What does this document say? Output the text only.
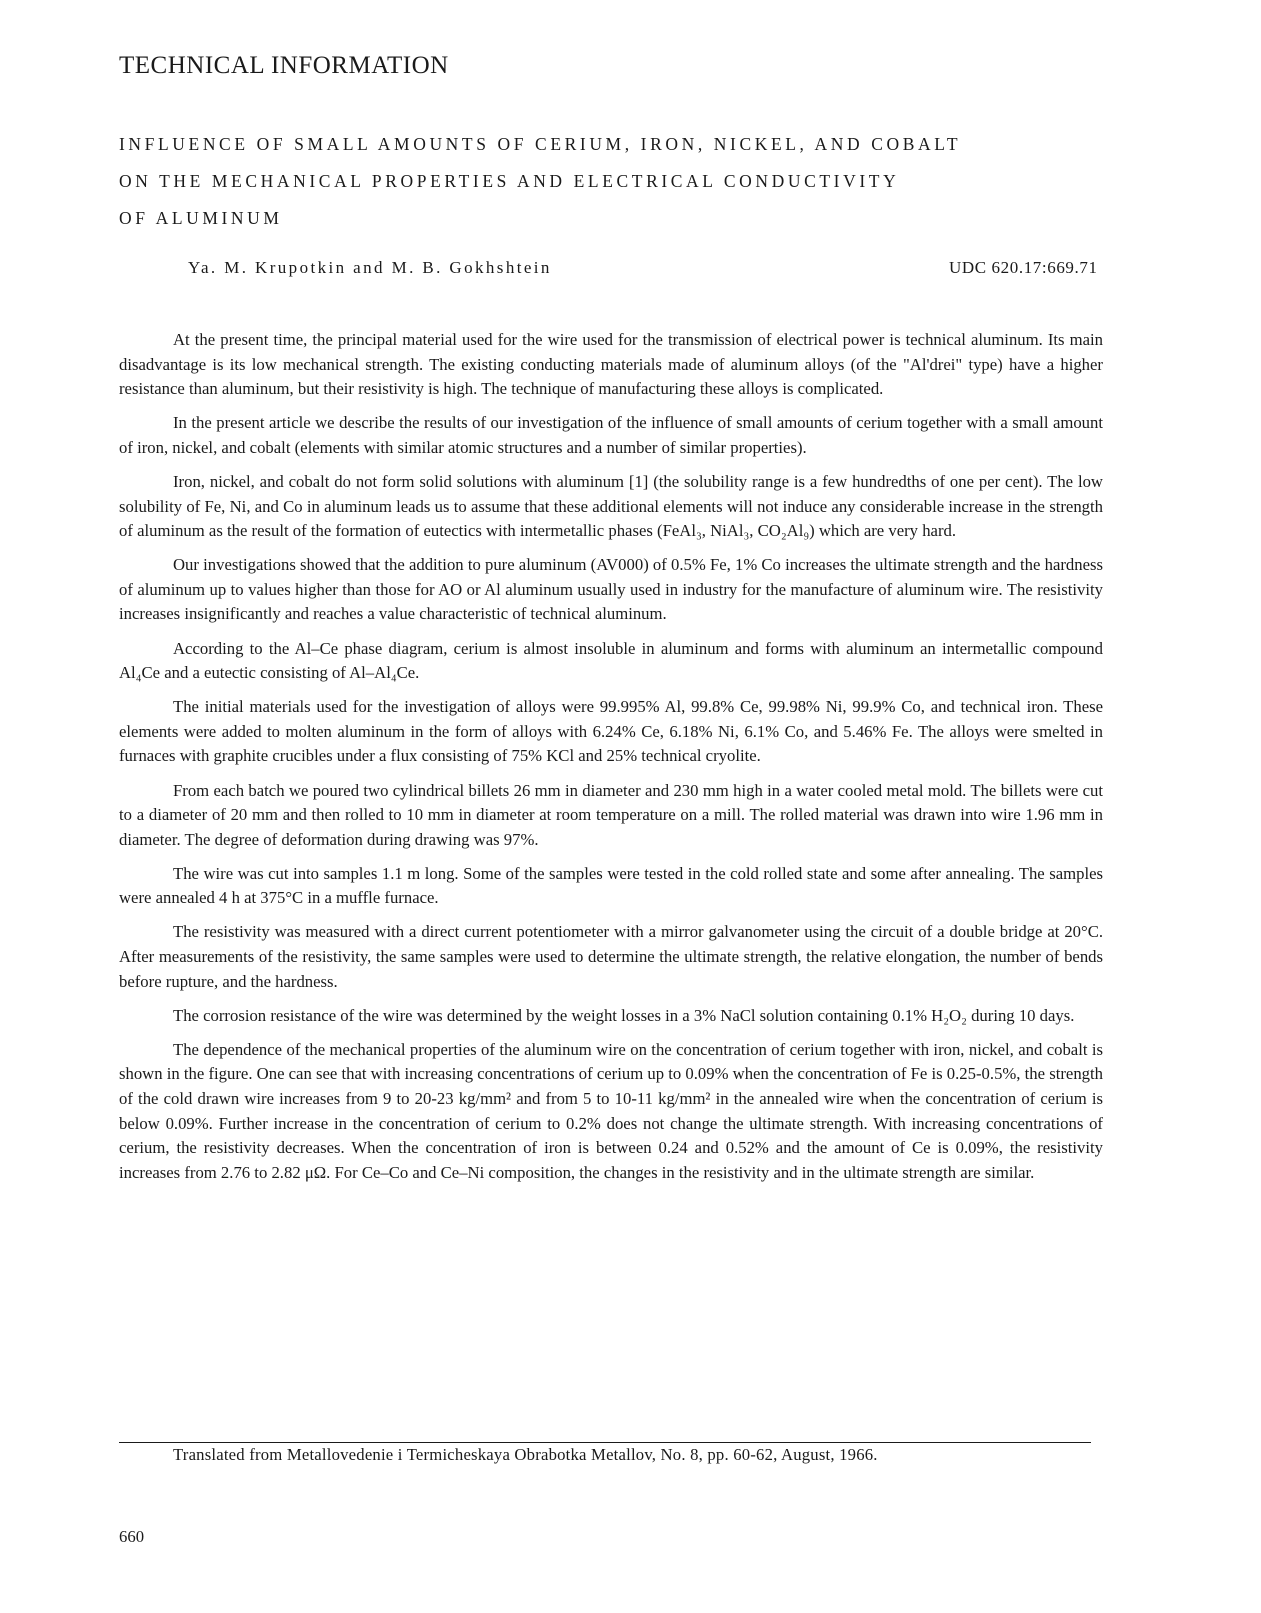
TECHNICAL INFORMATION
INFLUENCE OF SMALL AMOUNTS OF CERIUM, IRON, NICKEL, AND COBALT
ON THE MECHANICAL PROPERTIES AND ELECTRICAL CONDUCTIVITY
OF ALUMINUM
Ya. M. Krupotkin and M. B. Gokhshtein	UDC 620.17:669.71

At the present time, the principal material used for the wire used for the transmission of electrical power is technical aluminum. Its main disadvantage is its low mechanical strength. The existing conducting materials made of aluminum alloys (of the "Al'drei" type) have a higher resistance than aluminum, but their resistivity is high. The technique of manufacturing these alloys is complicated.

In the present article we describe the results of our investigation of the influence of small amounts of cerium together with a small amount of iron, nickel, and cobalt (elements with similar atomic structures and a number of similar properties).

Iron, nickel, and cobalt do not form solid solutions with aluminum [1] (the solubility range is a few hundredths of one per cent). The low solubility of Fe, Ni, and Co in aluminum leads us to assume that these additional elements will not induce any considerable increase in the strength of aluminum as the result of the formation of eutectics with intermetallic phases (FeAl₃, NiAl₃, CO₂Al₉) which are very hard.

Our investigations showed that the addition to pure aluminum (AV000) of 0.5% Fe, 1% Co increases the ultimate strength and the hardness of aluminum up to values higher than those for AO or Al aluminum usually used in industry for the manufacture of aluminum wire. The resistivity increases insignificantly and reaches a value characteristic of technical aluminum.

According to the Al–Ce phase diagram, cerium is almost insoluble in aluminum and forms with aluminum an intermetallic compound Al₄Ce and a eutectic consisting of Al–Al₄Ce.

The initial materials used for the investigation of alloys were 99.995% Al, 99.8% Ce, 99.98% Ni, 99.9% Co, and technical iron. These elements were added to molten aluminum in the form of alloys with 6.24% Ce, 6.18% Ni, 6.1% Co, and 5.46% Fe. The alloys were smelted in furnaces with graphite crucibles under a flux consisting of 75% KCl and 25% technical cryolite.

From each batch we poured two cylindrical billets 26 mm in diameter and 230 mm high in a water cooled metal mold. The billets were cut to a diameter of 20 mm and then rolled to 10 mm in diameter at room temperature on a mill. The rolled material was drawn into wire 1.96 mm in diameter. The degree of deformation during drawing was 97%.

The wire was cut into samples 1.1 m long. Some of the samples were tested in the cold rolled state and some after annealing. The samples were annealed 4 h at 375°C in a muffle furnace.

The resistivity was measured with a direct current potentiometer with a mirror galvanometer using the circuit of a double bridge at 20°C. After measurements of the resistivity, the same samples were used to determine the ultimate strength, the relative elongation, the number of bends before rupture, and the hardness.

The corrosion resistance of the wire was determined by the weight losses in a 3% NaCl solution containing 0.1% H₂O₂ during 10 days.

The dependence of the mechanical properties of the aluminum wire on the concentration of cerium together with iron, nickel, and cobalt is shown in the figure. One can see that with increasing concentrations of cerium up to 0.09% when the concentration of Fe is 0.25-0.5%, the strength of the cold drawn wire increases from 9 to 20-23 kg/mm² and from 5 to 10-11 kg/mm² in the annealed wire when the concentration of cerium is below 0.09%. Further increase in the concentration of cerium to 0.2% does not change the ultimate strength. With increasing concentrations of cerium, the resistivity decreases. When the concentration of iron is between 0.24 and 0.52% and the amount of Ce is 0.09%, the resistivity increases from 2.76 to 2.82 μΩ. For Ce–Co and Ce–Ni composition, the changes in the resistivity and in the ultimate strength are similar.

Translated from Metallovedenie i Termicheskaya Obrabotka Metallov, No. 8, pp. 60-62, August, 1966.
660
